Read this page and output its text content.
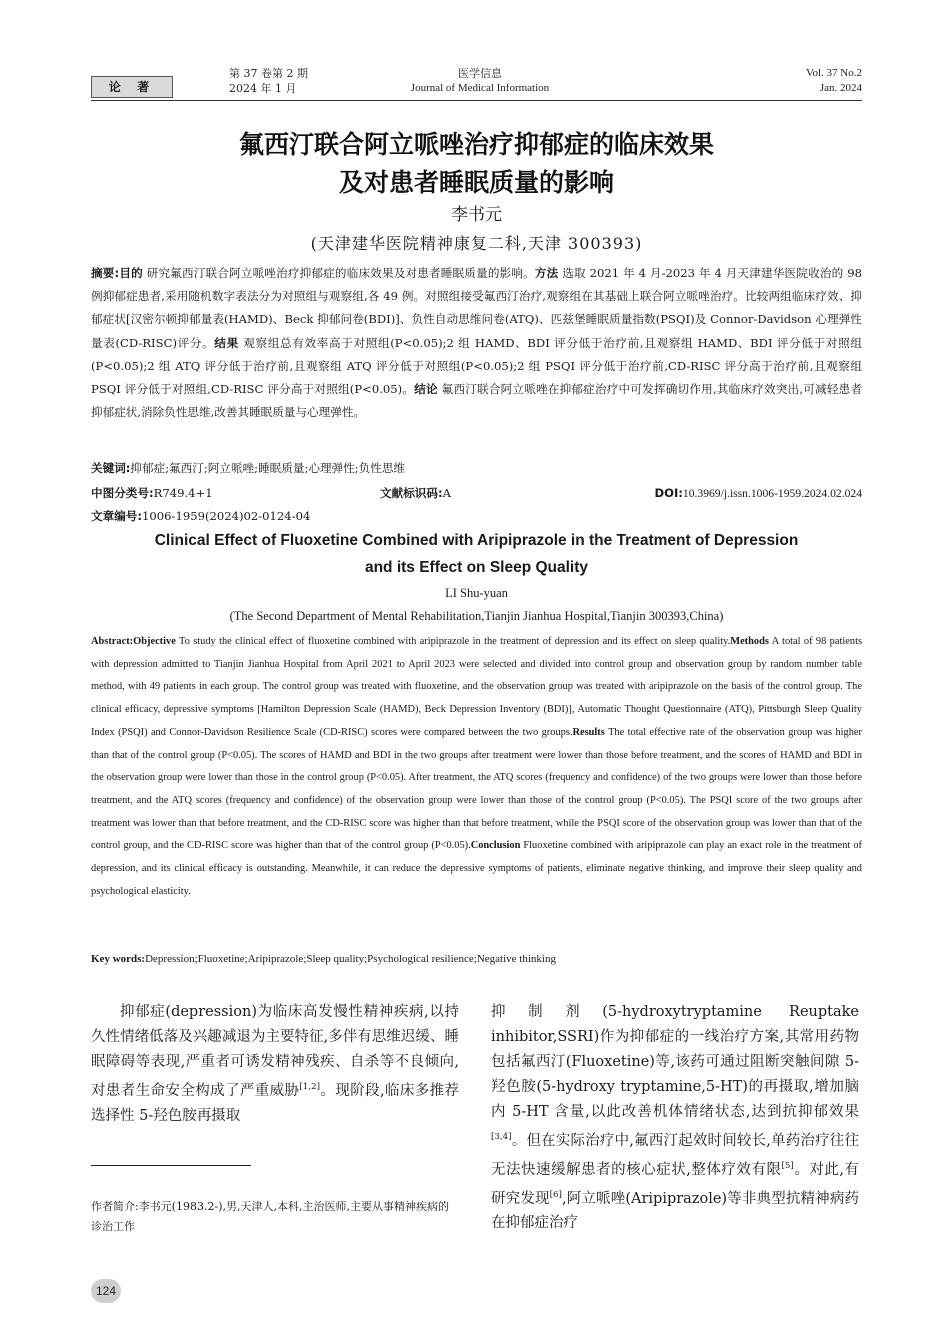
论 著
第 37 卷第 2 期
2024 年 1 月
医学信息
Journal of Medical Information
Vol. 37 No.2
Jan. 2024
氟西汀联合阿立哌唑治疗抑郁症的临床效果
及对患者睡眠质量的影响
李书元
(天津建华医院精神康复二科,天津 300393)
摘要:目的 研究氟西汀联合阿立哌唑治疗抑郁症的临床效果及对患者睡眠质量的影响。方法 选取 2021 年 4 月-2023 年 4 月天津建华医院收治的 98 例抑郁症患者,采用随机数字表法分为对照组与观察组,各 49 例。对照组接受氟西汀治疗,观察组在其基础上联合阿立哌唑治疗。比较两组临床疗效、抑郁症状[汉密尔顿抑郁量表(HAMD)、Beck 抑郁问卷(BDI)]、负性自动思维问卷(ATQ)、匹兹堡睡眠质量指数(PSQI)及 Connor-Davidson 心理弹性量表(CD-RISC)评分。结果 观察组总有效率高于对照组(P<0.05);2 组 HAMD、BDI 评分低于治疗前,且观察组 HAMD、BDI 评分低于对照组(P<0.05);2 组 ATQ 评分低于治疗前,且观察组 ATQ 评分低于对照组(P<0.05);2 组 PSQI 评分低于治疗前,CD-RISC 评分高于治疗前,且观察组 PSQI 评分低于对照组,CD-RISC 评分高于对照组(P<0.05)。结论 氟西汀联合阿立哌唑在抑郁症治疗中可发挥确切作用,其临床疗效突出,可减轻患者抑郁症状,消除负性思维,改善其睡眠质量与心理弹性。
关键词:抑郁症;氟西汀;阿立哌唑;睡眠质量;心理弹性;负性思维
中图分类号:R749.4+1	文献标识码:A	DOI:10.3969/j.issn.1006-1959.2024.02.024
文章编号:1006-1959(2024)02-0124-04
Clinical Effect of Fluoxetine Combined with Aripiprazole in the Treatment of Depression
and its Effect on Sleep Quality
LI Shu-yuan
(The Second Department of Mental Rehabilitation,Tianjin Jianhua Hospital,Tianjin 300393,China)
Abstract:Objective To study the clinical effect of fluoxetine combined with aripiprazole in the treatment of depression and its effect on sleep quality.Methods A total of 98 patients with depression admitted to Tianjin Jianhua Hospital from April 2021 to April 2023 were selected and divided into control group and observation group by random number table method, with 49 patients in each group. The control group was treated with fluoxetine, and the observation group was treated with aripiprazole on the basis of the control group. The clinical efficacy, depressive symptoms [Hamilton Depression Scale (HAMD), Beck Depression Inventory (BDI)], Automatic Thought Questionnaire (ATQ), Pittsburgh Sleep Quality Index (PSQI) and Connor-Davidson Resilience Scale (CD-RISC) scores were compared between the two groups.Results The total effective rate of the observation group was higher than that of the control group (P<0.05). The scores of HAMD and BDI in the two groups after treatment were lower than those before treatment, and the scores of HAMD and BDI in the observation group were lower than those in the control group (P<0.05). After treatment, the ATQ scores (frequency and confidence) of the two groups were lower than those before treatment, and the ATQ scores (frequency and confidence) of the observation group were lower than those of the control group (P<0.05). The PSQI score of the two groups after treatment was lower than that before treatment, and the CD-RISC score was higher than that before treatment, while the PSQI score of the observation group was lower than that of the control group, and the CD-RISC score was higher than that of the control group (P<0.05).Conclusion Fluoxetine combined with aripiprazole can play an exact role in the treatment of depression, and its clinical efficacy is outstanding. Meanwhile, it can reduce the depressive symptoms of patients, eliminate negative thinking, and improve their sleep quality and psychological elasticity.
Key words:Depression;Fluoxetine;Aripiprazole;Sleep quality;Psychological resilience;Negative thinking
抑郁症(depression)为临床高发慢性精神疾病,以持久性情绪低落及兴趣减退为主要特征,多伴有思维迟缓、睡眠障碍等表现,严重者可诱发精神残疾、自杀等不良倾向,对患者生命安全构成了严重威胁[1,2]。现阶段,临床多推荐选择性 5-羟色胺再摄取
抑制剂(5-hydroxytryptamine Reuptake inhibitor,SSRI)作为抑郁症的一线治疗方案,其常用药物包括氟西汀(Fluoxetine)等,该药可通过阻断突触间隙 5-羟色胺(5-hydroxy tryptamine,5-HT)的再摄取,增加脑内 5-HT 含量,以此改善机体情绪状态,达到抗抑郁效果[3,4]。但在实际治疗中,氟西汀起效时间较长,单药治疗往往无法快速缓解患者的核心症状,整体疗效有限[5]。对此,有研究发现[6],阿立哌唑(Aripiprazole)等非典型抗精神病药在抑郁症治疗
作者简介:李书元(1983.2-),男,天津人,本科,主治医师,主要从事精神疾病的诊治工作
124
